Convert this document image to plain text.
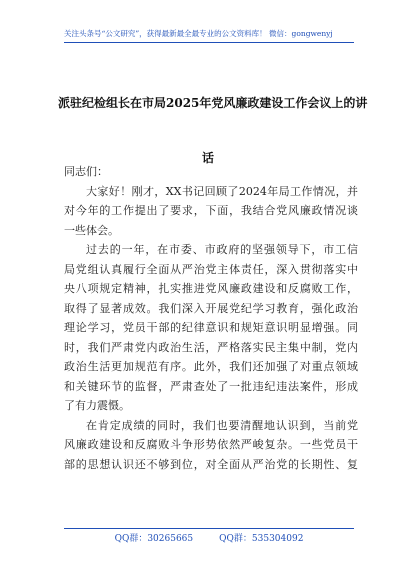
关注头条号“公文研究”，获得最新最全最专业的公文资料库！ 微信：gongwenyj
派驻纪检组长在市局2025年党风廉政建设工作会议上的讲
话
同志们：
大家好！刚才，XX书记回顾了2024年局工作情况，并
对今年的工作提出了要求，下面，我结合党风廉政情况谈
一些体会。
过去的一年，在市委、市政府的坚强领导下，市工信
局党组认真履行全面从严治党主体责任，深入贯彻落实中
央八项规定精神，扎实推进党风廉政建设和反腐败工作，
取得了显著成效。我们深入开展党纪学习教育，强化政治
理论学习，党员干部的纪律意识和规矩意识明显增强。同
时，我们严肃党内政治生活，严格落实民主集中制，党内
政治生活更加规范有序。此外，我们还加强了对重点领域
和关键环节的监督，严肃查处了一批违纪违法案件，形成
了有力震慑。
在肯定成绩的同时，我们也要清醒地认识到，当前党
风廉政建设和反腐败斗争形势依然严峻复杂。一些党员干
部的思想认识还不够到位，对全面从严治党的长期性、复
QQ群：30265665	QQ群：535304092
